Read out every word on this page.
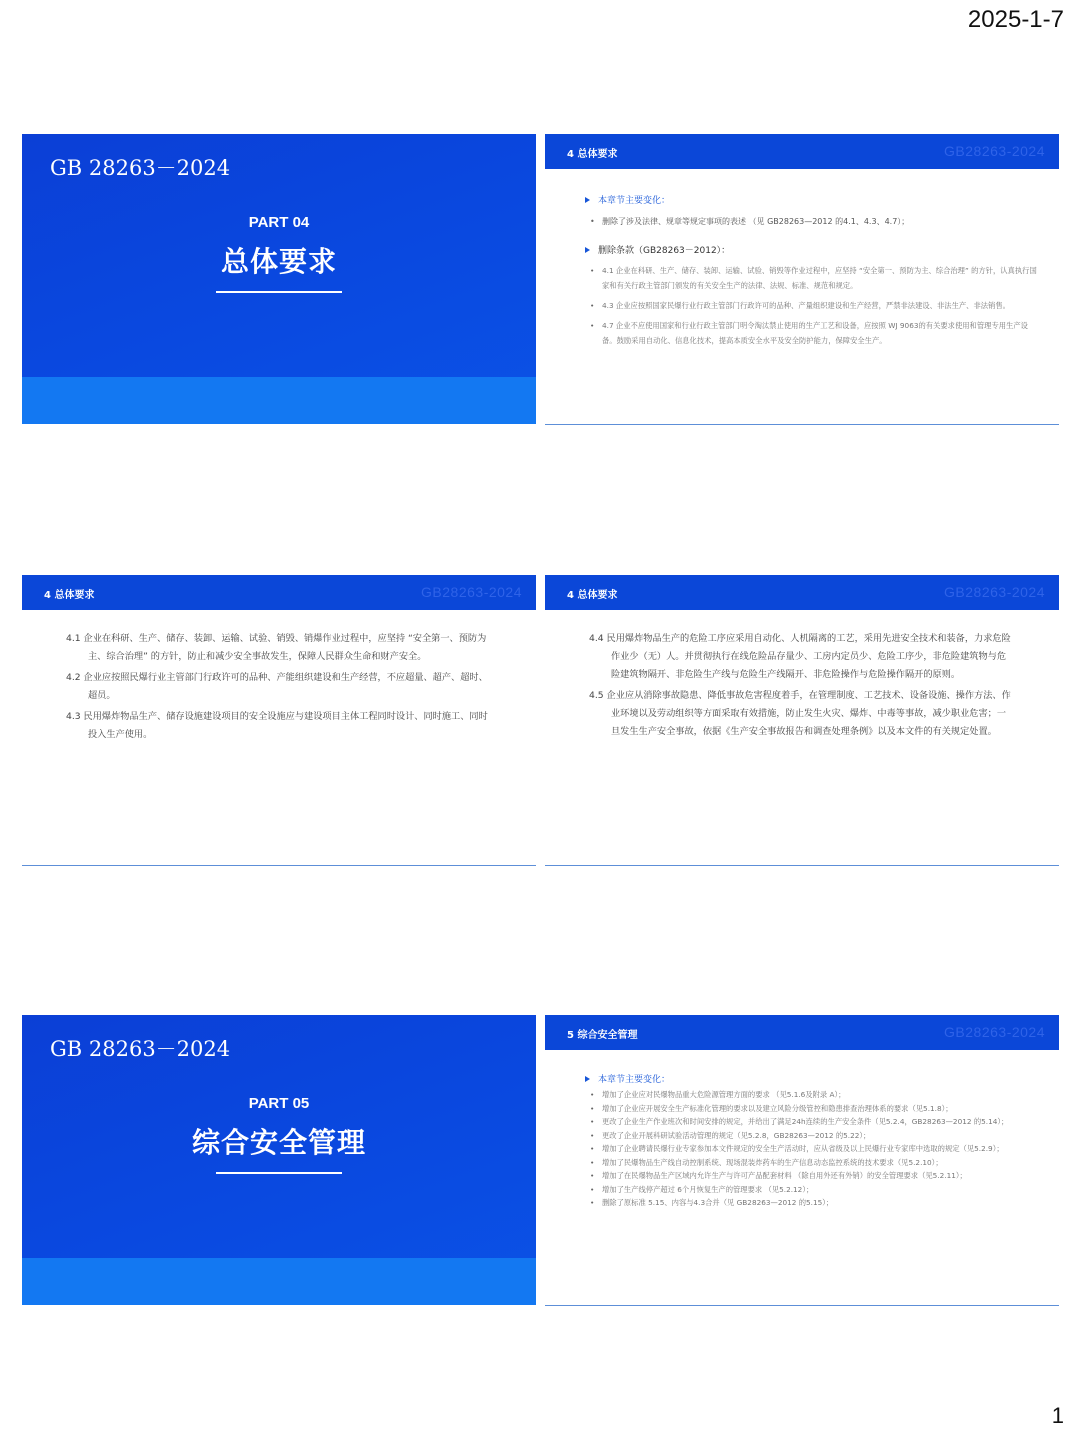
2025-1-7
GB 28263－2024
PART 04
总体要求
4 总体要求	GB28263-2024
本章节主要变化：
• 删除了涉及法律、规章等规定事项的表述 （见 GB28263—2012 的4.1、4.3、4.7）；
删除条款（GB28263－2012）：
• 4.1 企业在科研、生产、储存、装卸、运输、试验、销毁等作业过程中，应坚持 “安全第一、预防为主、综合治理” 的方针，认真执行国家和有关行政主管部门颁发的有关安全生产的法律、法规、标准、规范和规定。
• 4.3 企业应按照国家民爆行业行政主管部门行政许可的品种、产量组织建设和生产经营，严禁非法建设、非法生产、非法销售。
• 4.7 企业不应使用国家和行业行政主管部门明令淘汰禁止使用的生产工艺和设备，应按照 WJ 9063的有关要求使用和管理专用生产设备。鼓励采用自动化、信息化技术，提高本质安全水平及安全防护能力，保障安全生产。
4 总体要求	GB28263-2024
4.1 企业在科研、生产、储存、装卸、运输、试验、销毁、销爆作业过程中，应坚持 “安全第一、预防为主、综合治理” 的方针，防止和减少安全事故发生，保障人民群众生命和财产安全。
4.2 企业应按照民爆行业主管部门行政许可的品种、产能组织建设和生产经营，不应超量、超产、超时、超员。
4.3 民用爆炸物品生产、储存设施建设项目的安全设施应与建设项目主体工程同时设计、同时施工、同时投入生产使用。
4 总体要求	GB28263-2024
4.4 民用爆炸物品生产的危险工序应采用自动化、人机隔离的工艺，采用先进安全技术和装备，力求危险作业少（无）人。并贯彻执行在线危险品存量少、工房内定员少、危险工序少，非危险建筑物与危险建筑物隔开、非危险生产线与危险生产线隔开、非危险操作与危险操作隔开的原则。
4.5 企业应从消除事故隐患、降低事故危害程度着手，在管理制度、工艺技术、设备设施、操作方法、作业环境以及劳动组织等方面采取有效措施，防止发生火灾、爆炸、中毒等事故，减少职业危害；一旦发生生产安全事故，依据《生产安全事故报告和调查处理条例》以及本文件的有关规定处置。
GB 28263－2024
PART 05
综合安全管理
5 综合安全管理	GB28263-2024
本章节主要变化：
• 增加了企业应对民爆物品重大危险源管理方面的要求 （见5.1.6及附录 A）；
• 增加了企业应开展安全生产标准化管理的要求以及建立风险分级管控和隐患排查治理体系的要求（见5.1.8）；
• 更改了企业生产作业班次和时间安排的规定，并给出了满足24h连续的生产安全条件（见5.2.4，GB28263—2012 的5.14）；
• 更改了企业开展科研试验活动管理的规定（见5.2.8，GB28263—2012 的5.22）；
• 增加了企业聘请民爆行业专家参加本文件规定的安全生产活动时，应从省级及以上民爆行业专家库中选取的规定（见5.2.9）；
• 增加了民爆物品生产线自动控制系统、现场混装炸药车的生产信息动态监控系统的技术要求（见5.2.10）；
• 增加了在民爆物品生产区域内允许生产与许可产品配套材料 （除自用外还有外销）的安全管理要求（见5.2.11）；
• 增加了生产线停产超过 6个月恢复生产的管理要求 （见5.2.12）；
• 删除了原标准 5.15、内容与4.3合并（见 GB28263—2012 的5.15）；
1
